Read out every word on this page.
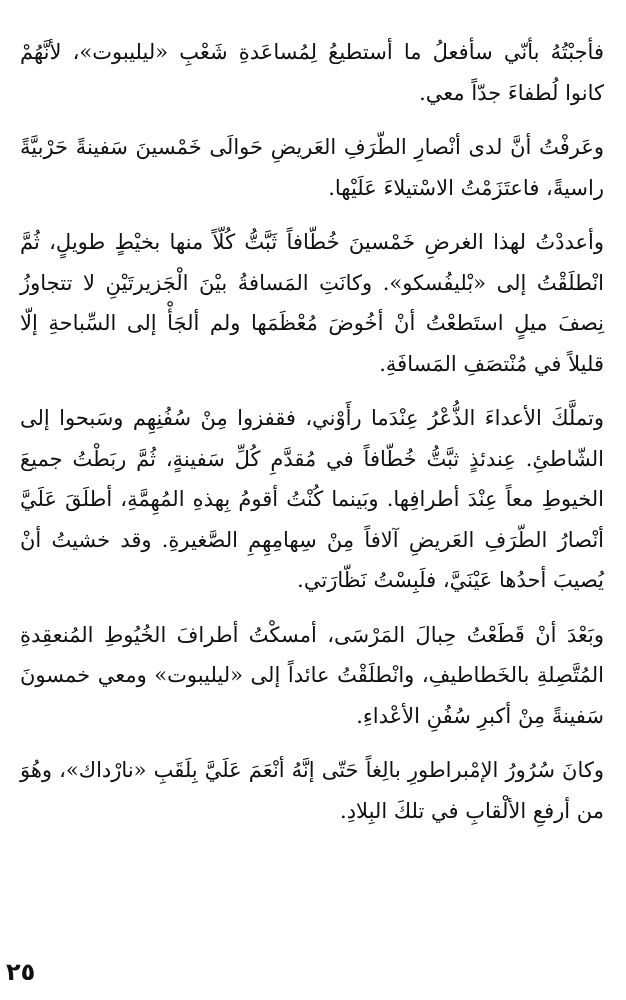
فأجبْتُهُ بأنّي سأفعلُ ما أستطيعُ لِمُساعَدةِ شَعْبِ «ليليبوت»، لأنَّهُمْ كانوا لُطفاءَ جدّاً معي.

وعَرفْتُ أنَّ لدى أنْصارِ الطّرَفِ العَريضِ حَوالَى خَمْسينَ سَفينةً حَرْبيَّةً راسيةً، فاعتَزَمْتُ الاسْتيلاءَ عَلَيْها.

وأعددْتُ لهذا الغرضِ خَمْسينَ خُطّافاً ثَبَّتُّ كُلّاً منها بخيْطٍ طويلٍ، ثُمَّ انْطلَقْتُ إلى «بْليفُسكو». وكانَتِ المَسافةُ بيْنَ الْجَزيرتَيْنِ لا تتجاوزُ نِصفَ ميلٍ استَطعْتُ أنْ أخُوضَ مُعْظَمَها ولم ألجَأْ إلى السِّباحةِ إلّا قليلاً في مُنْتصَفِ المَسافَةِ.

وتملَّكَ الأعداءَ الذُّعْرُ عِنْدَما رأَوْني، فقفزوا مِنْ سُفُنِهِم وسَبحوا إلى الشّاطئِ. عِندئذٍ ثبَّتُّ خُطّافاً في مُقدَّمِ كُلِّ سَفينةٍ، ثُمَّ ربَطْتُ جميعَ الخيوطِ معاً عِنْدَ أطرافِها. وبَينما كُنْتُ أقومُ بِهذهِ المُهِمَّةِ، أطلَقَ عَلَيَّ أنْصارُ الطّرَفِ العَريضِ آلافاً مِنْ سِهامِهِمِ الصَّغيرةِ. وقد خشيتُ أنْ يُصيبَ أحدُها عَيْنَيَّ، فلَبِسْتُ نَظّارَتي.

وبَعْدَ أنْ قَطَعْتُ حِبالَ المَرْسَى، أمسكْتُ أطرافَ الخُيُوطِ المُنعقِدةِ المُتَّصِلةِ بالخَطاطيفِ، وانْطلَقْتُ عائداً إلى «ليليبوت» ومعي خمسونَ سَفينةً مِنْ أكبرِ سُفُنِ الأعْداءِ.

وكانَ سُرُورُ الإمْبراطورِ بالِغاً حَتّى إنَّهُ أنْعَمَ عَلَيَّ بِلَقَبِ «نارْداك»، وهُوَ من أرفعِ الألْقابِ في تلكَ البِلادِ.

٢٥
